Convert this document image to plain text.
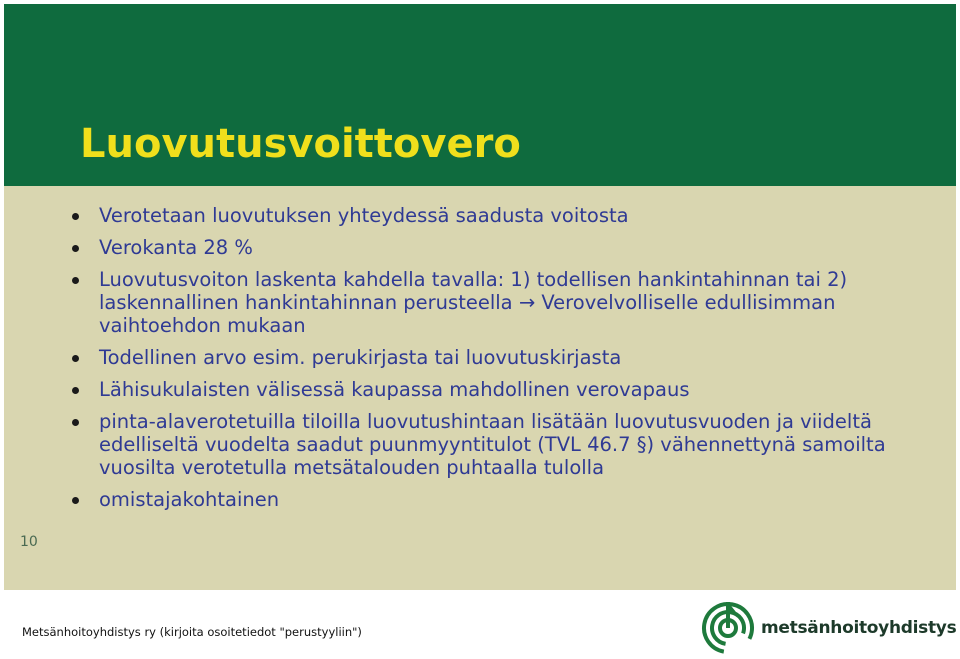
Luovutusvoittovero
Verotetaan luovutuksen yhteydessä saadusta voitosta
Verokanta 28 %
Luovutusvoiton laskenta kahdella tavalla: 1) todellisen hankintahinnan tai 2) laskennallinen hankintahinnan perusteella → Verovelvolliselle edullisimman vaihtoehdon mukaan
Todellinen arvo esim. perukirjasta tai luovutuskirjasta
Lähisukulaisten välisessä kaupassa mahdollinen verovapaus
pinta-alaverotetuilla tiloilla luovutushintaan lisätään luovutusvuoden ja viideltä edelliseltä vuodelta saadut puunmyyntitulot (TVL 46.7 §) vähennettynä samoilta vuosilta verotetulla metsätalouden puhtaalla tulolla
omistajakohtainen
10
Metsänhoitoyhdistys ry (kirjoita osoitetiedot "perustyyliin")	metsänhoitoyhdistys
